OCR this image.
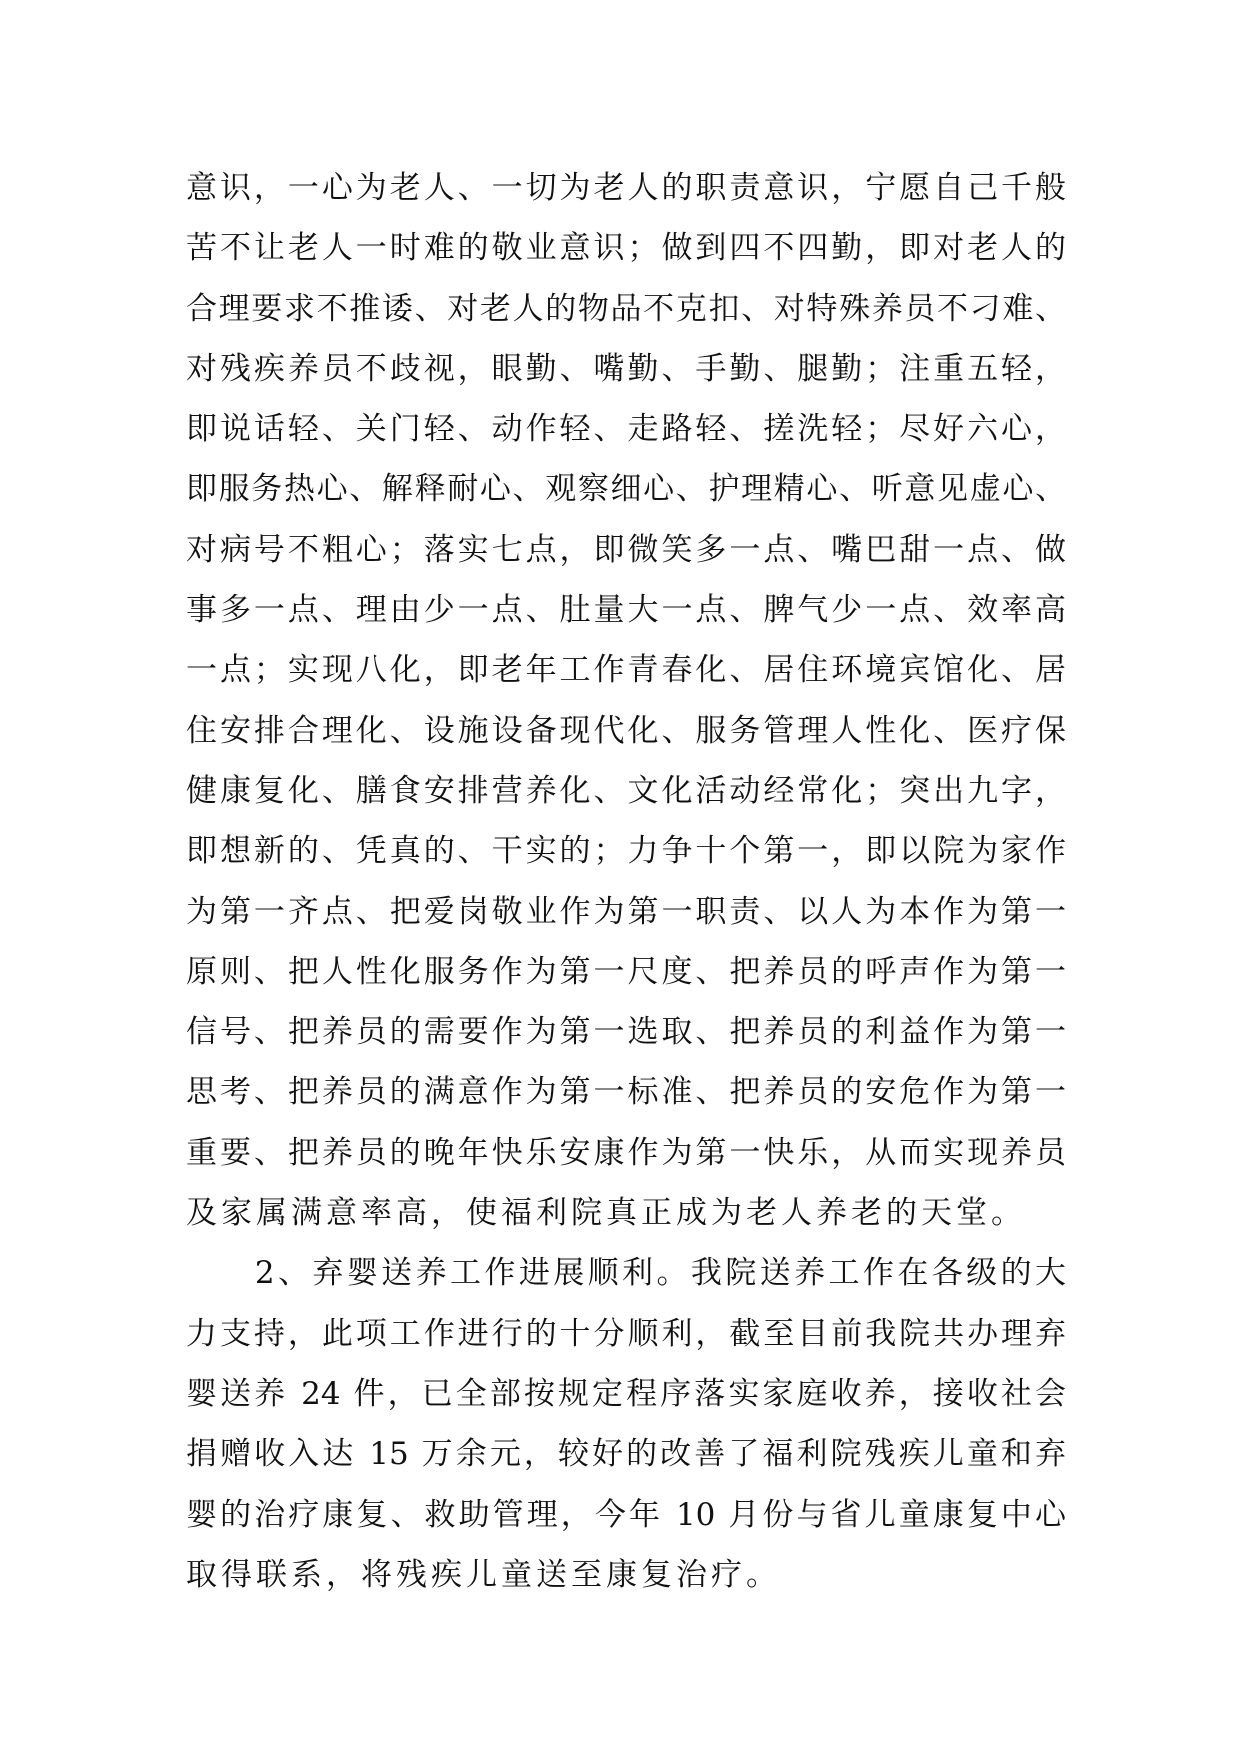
意识，一心为老人、一切为老人的职责意识，宁愿自己千般
苦不让老人一时难的敬业意识；做到四不四勤，即对老人的
合理要求不推诿、对老人的物品不克扣、对特殊养员不刁难、
对残疾养员不歧视，眼勤、嘴勤、手勤、腿勤；注重五轻，
即说话轻、关门轻、动作轻、走路轻、搓洗轻；尽好六心，
即服务热心、解释耐心、观察细心、护理精心、听意见虚心、
对病号不粗心；落实七点，即微笑多一点、嘴巴甜一点、做
事多一点、理由少一点、肚量大一点、脾气少一点、效率高
一点；实现八化，即老年工作青春化、居住环境宾馆化、居
住安排合理化、设施设备现代化、服务管理人性化、医疗保
健康复化、膳食安排营养化、文化活动经常化；突出九字，
即想新的、凭真的、干实的；力争十个第一，即以院为家作
为第一齐点、把爱岗敬业作为第一职责、以人为本作为第一
原则、把人性化服务作为第一尺度、把养员的呼声作为第一
信号、把养员的需要作为第一选取、把养员的利益作为第一
思考、把养员的满意作为第一标准、把养员的安危作为第一
重要、把养员的晚年快乐安康作为第一快乐，从而实现养员
及家属满意率高，使福利院真正成为老人养老的天堂。
　　2、弃婴送养工作进展顺利。我院送养工作在各级的大
力支持，此项工作进行的十分顺利，截至目前我院共办理弃
婴送养 24 件，已全部按规定程序落实家庭收养，接收社会
捐赠收入达 15 万余元，较好的改善了福利院残疾儿童和弃
婴的治疗康复、救助管理，今年 10 月份与省儿童康复中心
取得联系，将残疾儿童送至康复治疗。
